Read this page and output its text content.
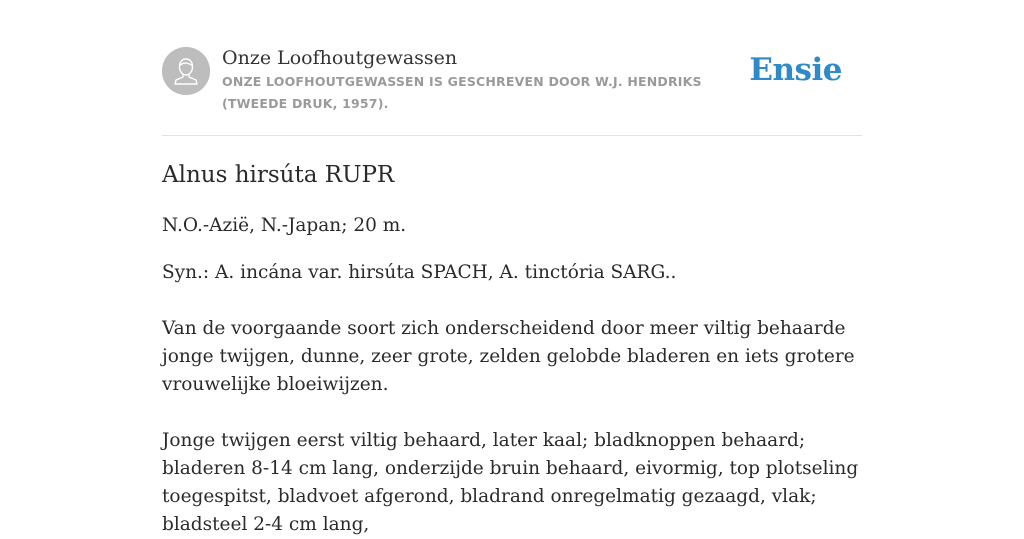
Onze Loofhoutgewassen
ONZE LOOFHOUTGEWASSEN IS GESCHREVEN DOOR W.J. HENDRIKS (TWEEDE DRUK, 1957).
Ensie
Alnus hirsúta RUPR

N.O.-Azië, N.-Japan; 20 m.

Syn.: A. incána var. hirsúta SPACH, A. tinctória SARG..

Van de voorgaande soort zich onderscheidend door meer viltig behaarde jonge twijgen, dunne, zeer grote, zelden gelobde bladeren en iets grotere vrouwelijke bloeiwijzen.

Jonge twijgen eerst viltig behaard, later kaal; bladknoppen behaard; bladeren 8-14 cm lang, onderzijde bruin behaard, eivormig, top plotseling toegespitst, bladvoet afgerond, bladrand onregelmatig gezaagd, vlak; bladsteel 2-4 cm lang,
